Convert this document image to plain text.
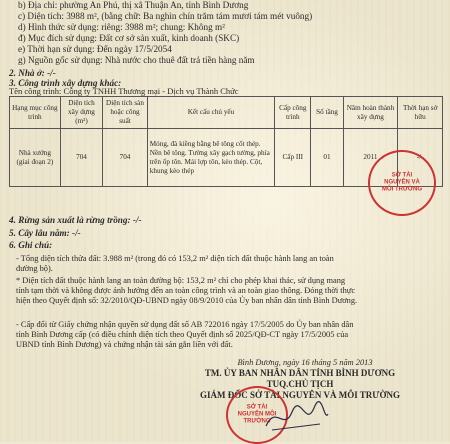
b) Địa chỉ: phường An Phú, thị xã Thuận An, tỉnh Bình Dương
c) Diện tích: 3988 m², (bằng chữ: Ba nghìn chín trăm tám mươi tám mét vuông)
d) Hình thức sử dụng: riêng: 3988 m²; chung: Không m²
đ) Mục đích sử dụng: Đất cơ sở sản xuất, kinh doanh (SKC)
e) Thời hạn sử dụng: Đến ngày 17/5/2054
g) Nguồn gốc sử dụng: Nhà nước cho thuê đất trả tiền hàng năm
2. Nhà ở: -/-
3. Công trình xây dựng khác:
Tên công trình: Công ty TNHH Thương mại - Dịch vụ Thành Chức
Hạng mục công trình	Diện tích xây dựng (m²)	Diện tích sàn hoặc công suất	Kết cấu chủ yếu	Cấp công trình	Số tầng	Năm hoàn thành xây dựng	Thời hạn sở hữu
Nhà xưởng (giai đoạn 2)	704	704	Móng, đà kiềng bằng bê tông cốt thép. Nền bê tông. Tường xây gạch tường, phía trên ốp tôn. Mái lợp tôn, kèo thép. Cột, khung kèo thép	Cấp III	01	2011	-/-
SỞ TÀI NGUYÊN VÀ MÔI TRƯỜNG
4. Rừng sản xuất là rừng trồng: -/-
5. Cây lâu năm: -/-
6. Ghi chú:
- Tổng diện tích thửa đất: 3.988 m² (trong đó có 153,2 m² diện tích đất thuộc hành lang an toàn đường bộ).
* Diện tích đất thuộc hành lang an toàn đường bộ: 153,2 m² chỉ cho phép khai thác, sử dụng mang tính tạm thời và không được ảnh hưởng đến an toàn công trình và an toàn giao thông. Đóng thời thực hiện theo Quyết định số: 32/2010/QĐ-UBND ngày 08/9/2010 của Ủy ban nhân dân tỉnh Bình Dương.
- Cấp đổi từ Giấy chứng nhận quyền sử dụng đất số AB 722016 ngày 17/5/2005 do Ủy ban nhân dân tỉnh Bình Dương cấp (có điều chỉnh diện tích theo Quyết định số 2025/QĐ-CT ngày 17/5/2005 của UBND tỉnh Bình Dương) và chứng nhận tài sản gắn liền với đất.
Bình Dương, ngày 16 tháng 5 năm 2013
TM. ỦY BAN NHÂN DÂN TỈNH BÌNH DƯƠNG
TUQ.CHỦ TỊCH
GIÁM ĐỐC SỞ TÀI NGUYÊN VÀ MÔI TRƯỜNG
SỞ TÀI NGUYÊN MÔI TRƯỜNG
